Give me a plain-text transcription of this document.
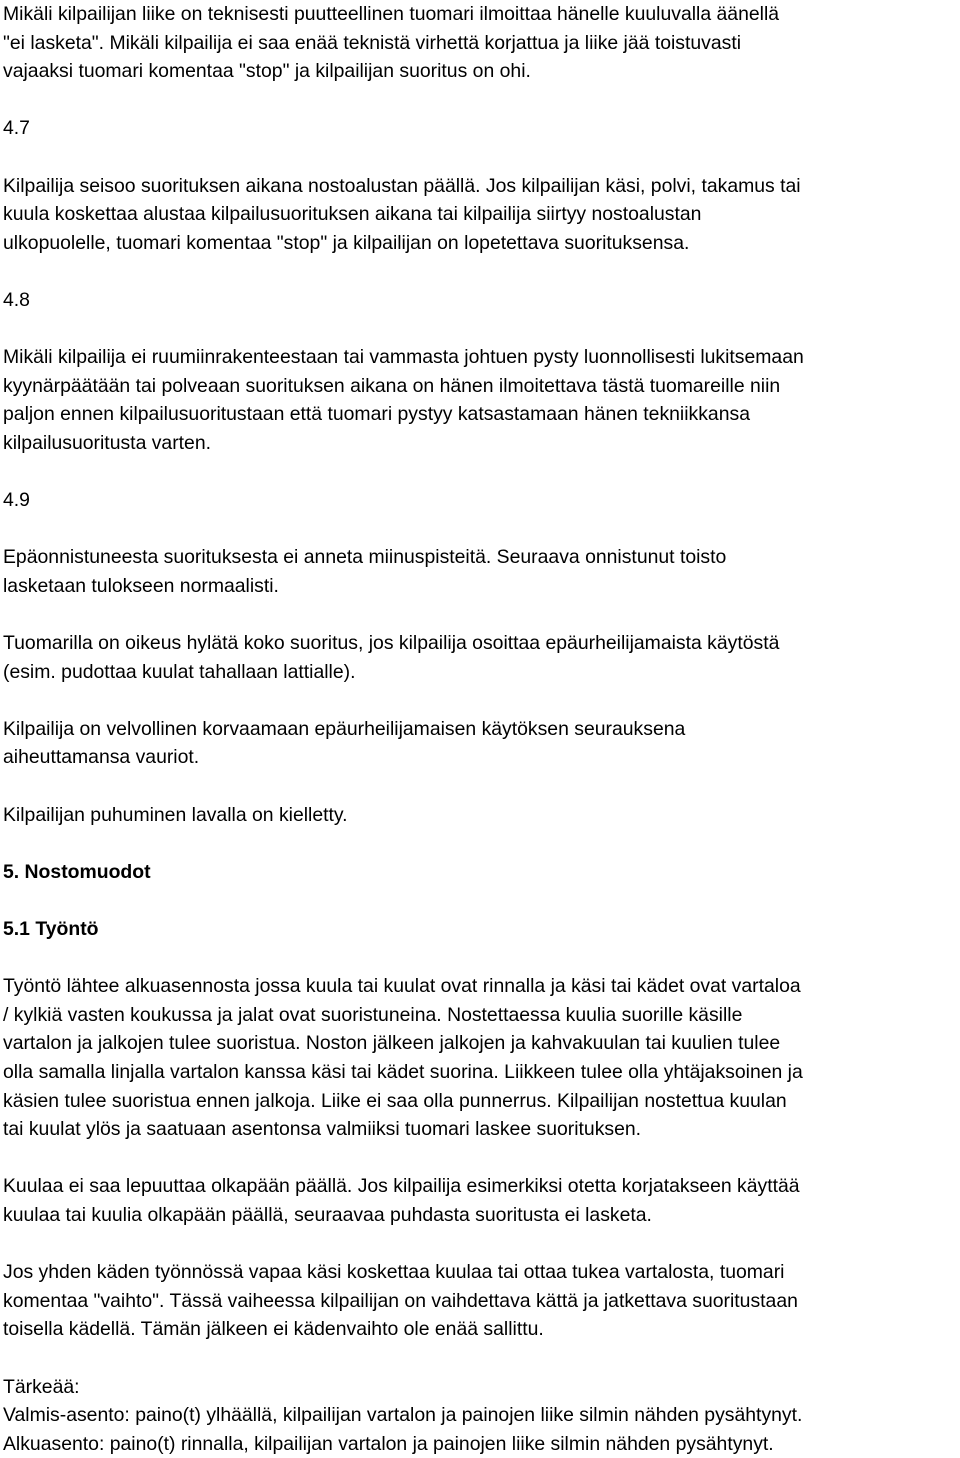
Mikäli kilpailijan liike on teknisesti puutteellinen tuomari ilmoittaa hänelle kuuluvalla äänellä

"ei lasketa". Mikäli kilpailija ei saa enää teknistä virhettä korjattua ja liike jää toistuvasti

vajaaksi tuomari komentaa "stop" ja kilpailijan suoritus on ohi.

4.7

Kilpailija seisoo suorituksen aikana nostoalustan päällä. Jos kilpailijan käsi, polvi, takamus tai

kuula koskettaa alustaa kilpailusuorituksen aikana tai kilpailija siirtyy nostoalustan

ulkopuolelle, tuomari komentaa "stop" ja kilpailijan on lopetettava suorituksensa.

4.8

Mikäli kilpailija ei ruumiinrakenteestaan tai vammasta johtuen pysty luonnollisesti lukitsemaan

kyynärpäätään tai polveaan suorituksen aikana on hänen ilmoitettava tästä tuomareille niin

paljon ennen kilpailusuoritustaan että tuomari pystyy katsastamaan hänen tekniikkansa

kilpailusuoritusta varten.

4.9

Epäonnistuneesta suorituksesta ei anneta miinuspisteitä. Seuraava onnistunut toisto

lasketaan tulokseen normaalisti.

Tuomarilla on oikeus hylätä koko suoritus, jos kilpailija osoittaa epäurheilijamaista käytöstä

(esim. pudottaa kuulat tahallaan lattialle).

Kilpailija on velvollinen korvaamaan epäurheilijamaisen käytöksen seurauksena

aiheuttamansa vauriot.

Kilpailijan puhuminen lavalla on kielletty.

5. Nostomuodot
5.1 Työntö

Työntö lähtee alkuasennosta jossa kuula tai kuulat ovat rinnalla ja käsi tai kädet ovat vartaloa

/ kylkiä vasten koukussa ja jalat ovat suoristuneina. Nostettaessa kuulia suorille käsille

vartalon ja jalkojen tulee suoristua. Noston jälkeen jalkojen ja kahvakuulan tai kuulien tulee

olla samalla linjalla vartalon kanssa käsi tai kädet suorina. Liikkeen tulee olla yhtäjaksoinen ja

käsien tulee suoristua ennen jalkoja. Liike ei saa olla punnerrus. Kilpailijan nostettua kuulan

tai kuulat ylös ja saatuaan asentonsa valmiiksi tuomari laskee suorituksen.

Kuulaa ei saa lepuuttaa olkapään päällä. Jos kilpailija esimerkiksi otetta korjatakseen käyttää

kuulaa tai kuulia olkapään päällä, seuraavaa puhdasta suoritusta ei lasketa.

Jos yhden käden työnnössä vapaa käsi koskettaa kuulaa tai ottaa tukea vartalosta, tuomari

komentaa "vaihto". Tässä vaiheessa kilpailijan on vaihdettava kättä ja jatkettava suoritustaan

toisella kädellä. Tämän jälkeen ei kädenvaihto ole enää sallittu.

Tärkeää:

Valmis-asento: paino(t) ylhäällä, kilpailijan vartalon ja painojen liike silmin nähden pysähtynyt.

Alkuasento: paino(t) rinnalla, kilpailijan vartalon ja painojen liike silmin nähden pysähtynyt.
